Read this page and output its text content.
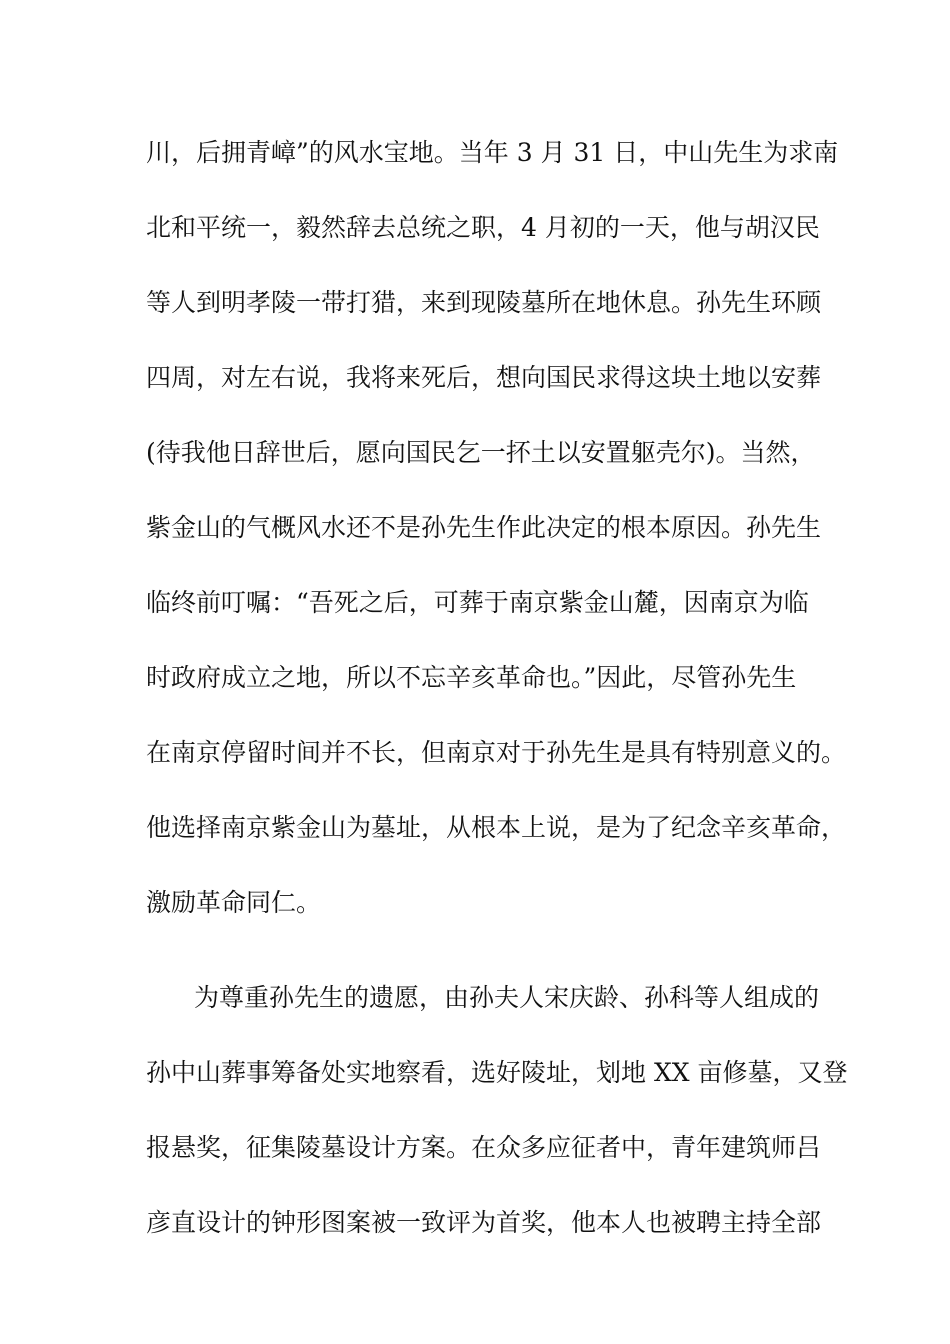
川，后拥青嶂”的风水宝地。当年 3 月 31 日，中山先生为求南
北和平统一，毅然辞去总统之职，4 月初的一天，他与胡汉民
等人到明孝陵一带打猎，来到现陵墓所在地休息。孙先生环顾
四周，对左右说，我将来死后，想向国民求得这块土地以安葬
(待我他日辞世后，愿向国民乞一抔土以安置躯壳尔)。当然，
紫金山的气概风水还不是孙先生作此决定的根本原因。孙先生
临终前叮嘱：“吾死之后，可葬于南京紫金山麓，因南京为临
时政府成立之地，所以不忘辛亥革命也。”因此，尽管孙先生
在南京停留时间并不长，但南京对于孙先生是具有特别意义的。
他选择南京紫金山为墓址，从根本上说，是为了纪念辛亥革命，
激励革命同仁。
为尊重孙先生的遗愿，由孙夫人宋庆龄、孙科等人组成的
孙中山葬事筹备处实地察看，选好陵址，划地 XX 亩修墓，又登
报悬奖，征集陵墓设计方案。在众多应征者中，青年建筑师吕
彦直设计的钟形图案被一致评为首奖，他本人也被聘主持全部
